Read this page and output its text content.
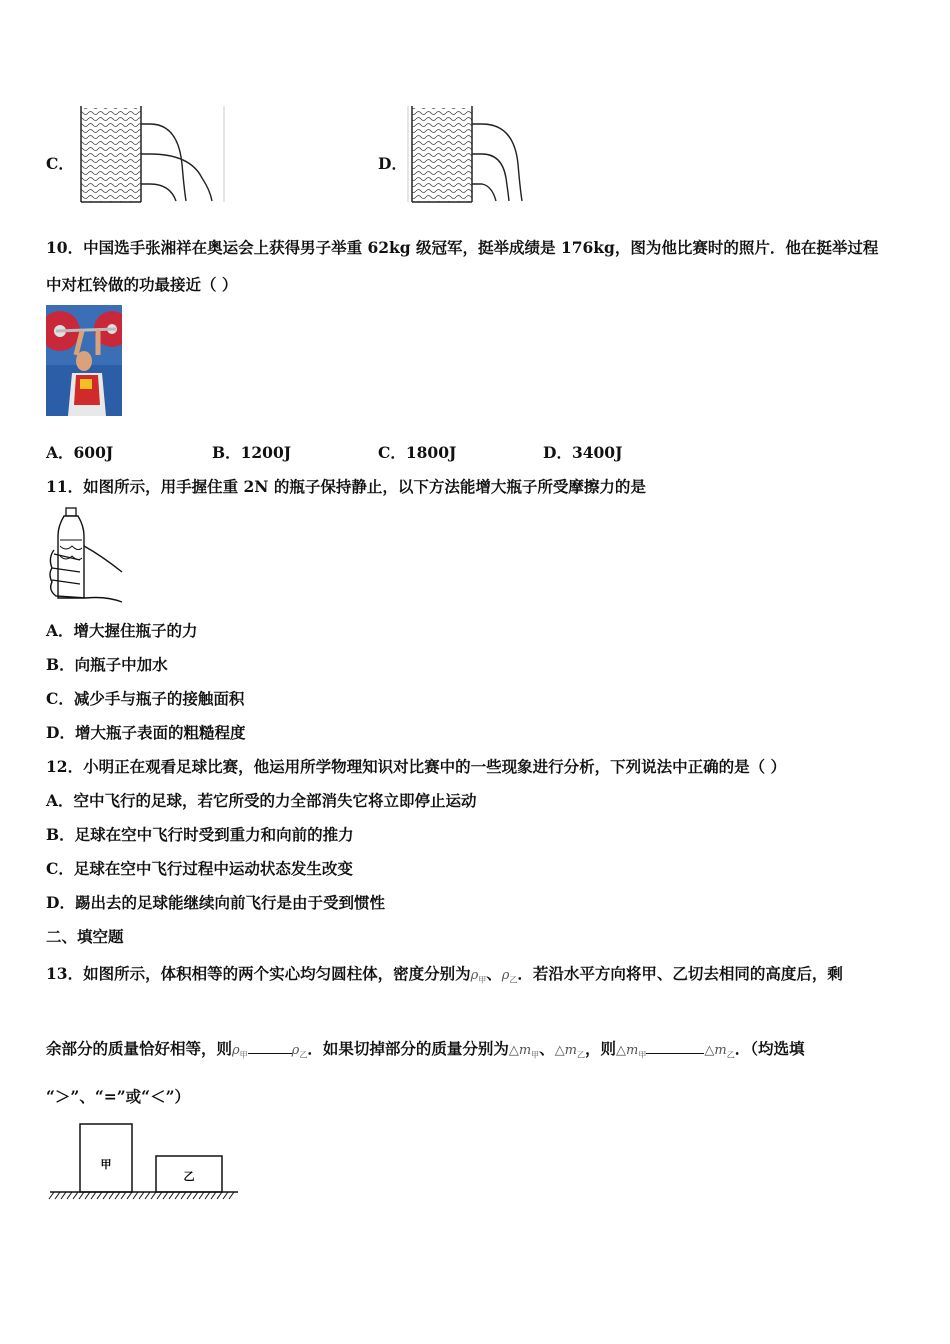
C．	D．
10．中国选手张湘祥在奥运会上获得男子举重 62kg 级冠军，挺举成绩是 176kg，图为他比赛时的照片．他在挺举过程
中对杠铃做的功最接近（ ）
A．600J	B．1200J	C．1800J	D．3400J
11．如图所示，用手握住重 2N 的瓶子保持静止，以下方法能增大瓶子所受摩擦力的是
A．增大握住瓶子的力
B．向瓶子中加水
C．减少手与瓶子的接触面积
D．增大瓶子表面的粗糙程度
12．小明正在观看足球比赛，他运用所学物理知识对比赛中的一些现象进行分析，下列说法中正确的是（ ）
A．空中飞行的足球，若它所受的力全部消失它将立即停止运动
B．足球在空中飞行时受到重力和向前的推力
C．足球在空中飞行过程中运动状态发生改变
D．踢出去的足球能继续向前飞行是由于受到惯性
二、填空题
13．如图所示，体积相等的两个实心均匀圆柱体，密度分别为$\rho_甲$、$\rho_乙$．若沿水平方向将甲、乙切去相同的高度后，剩
余部分的质量恰好相等，则$\rho_甲$	$\rho_乙$．如果切掉部分的质量分别为$\triangle m_甲$、$\triangle m_乙$，则$\triangle m_甲$	$\triangle m_乙$．（均选填
“＞”、“=”或“＜”）
甲
乙
